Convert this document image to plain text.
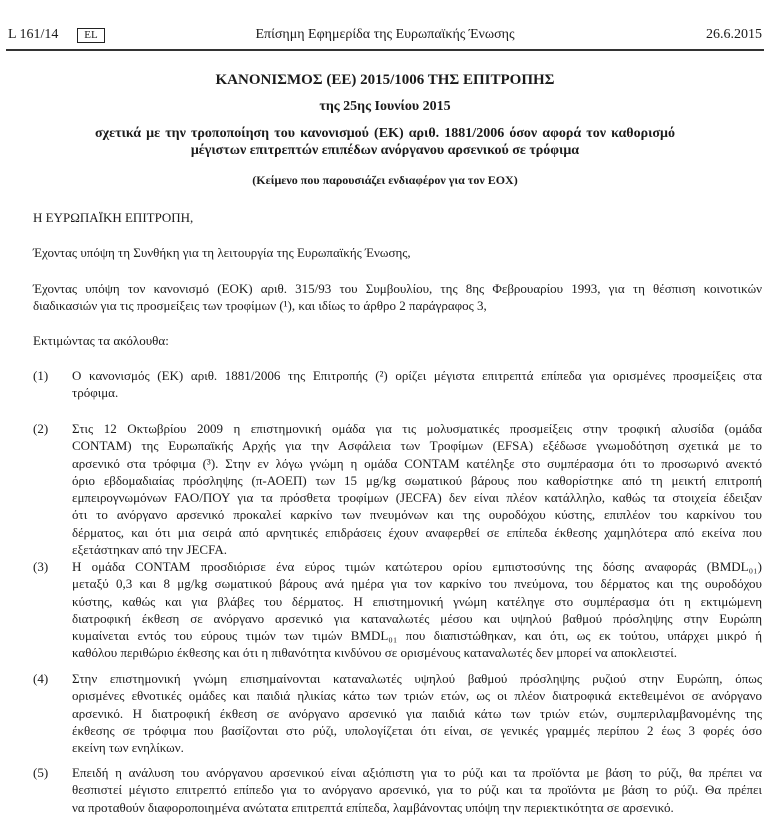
L 161/14	EL	Επίσημη Εφημερίδα της Ευρωπαϊκής Ένωσης	26.6.2015
ΚΑΝΟΝΙΣΜΟΣ (ΕΕ) 2015/1006 ΤΗΣ ΕΠΙΤΡΟΠΗΣ
της 25ης Ιουνίου 2015
σχετικά με την τροποποίηση του κανονισμού (ΕΚ) αριθ. 1881/2006 όσον αφορά τον καθορισμό
μέγιστων επιτρεπτών επιπέδων ανόργανου αρσενικού σε τρόφιμα
(Κείμενο που παρουσιάζει ενδιαφέρον για τον ΕΟΧ)
Η ΕΥΡΩΠΑΪΚΗ ΕΠΙΤΡΟΠΗ,
Έχοντας υπόψη τη Συνθήκη για τη λειτουργία της Ευρωπαϊκής Ένωσης,
Έχοντας υπόψη τον κανονισμό (ΕΟΚ) αριθ. 315/93 του Συμβουλίου, της 8ης Φεβρουαρίου 1993, για τη θέσπιση κοινοτικών
διαδικασιών για τις προσμείξεις των τροφίμων (¹), και ιδίως το άρθρο 2 παράγραφος 3,
Εκτιμώντας τα ακόλουθα:
(1) Ο κανονισμός (ΕΚ) αριθ. 1881/2006 της Επιτροπής (²) ορίζει μέγιστα επιτρεπτά επίπεδα για ορισμένες προσμείξεις στα
τρόφιμα.
(2) Στις 12 Οκτωβρίου 2009 η επιστημονική ομάδα για τις μολυσματικές προσμείξεις στην τροφική αλυσίδα (ομάδα
CONTAM) της Ευρωπαϊκής Αρχής για την Ασφάλεια των Τροφίμων (EFSA) εξέδωσε γνωμοδότηση σχετικά με το
αρσενικό στα τρόφιμα (³). Στην εν λόγω γνώμη η ομάδα CONTAM κατέληξε στο συμπέρασμα ότι το προσωρινό ανεκτό
όριο εβδομαδιαίας πρόσληψης (π-ΑΟΕΠ) των 15 μg/kg σωματικού βάρους που καθορίστηκε από τη μεικτή επιτροπή
εμπειρογνωμόνων FAO/ΠΟΥ για τα πρόσθετα τροφίμων (JECFA) δεν είναι πλέον κατάλληλο, καθώς τα στοιχεία έδειξαν
ότι το ανόργανο αρσενικό προκαλεί καρκίνο των πνευμόνων και της ουροδόχου κύστης, επιπλέον του καρκίνου του
δέρματος, και ότι μια σειρά από αρνητικές επιδράσεις έχουν αναφερθεί σε επίπεδα έκθεσης χαμηλότερα από εκείνα που
εξετάστηκαν από την JECFA.
(3) Η ομάδα CONTAM προσδιόρισε ένα εύρος τιμών κατώτερου ορίου εμπιστοσύνης της δόσης αναφοράς (BMDL₀₁)
μεταξύ 0,3 και 8 μg/kg σωματικού βάρους ανά ημέρα για τον καρκίνο του πνεύμονα, του δέρματος και της ουροδόχου
κύστης, καθώς και για βλάβες του δέρματος. Η επιστημονική γνώμη κατέληγε στο συμπέρασμα ότι η εκτιμώμενη
διατροφική έκθεση σε ανόργανο αρσενικό για καταναλωτές μέσου και υψηλού βαθμού πρόσληψης στην Ευρώπη
κυμαίνεται εντός του εύρους τιμών των τιμών BMDL₀₁ που διαπιστώθηκαν, και ότι, ως εκ τούτου, υπάρχει μικρό ή
καθόλου περιθώριο έκθεσης και ότι η πιθανότητα κινδύνου σε ορισμένους καταναλωτές δεν μπορεί να αποκλειστεί.
(4) Στην επιστημονική γνώμη επισημαίνονται καταναλωτές υψηλού βαθμού πρόσληψης ρυζιού στην Ευρώπη, όπως
ορισμένες εθνοτικές ομάδες και παιδιά ηλικίας κάτω των τριών ετών, ως οι πλέον διατροφικά εκτεθειμένοι σε ανόργανο
αρσενικό. Η διατροφική έκθεση σε ανόργανο αρσενικό για παιδιά κάτω των τριών ετών, συμπεριλαμβανομένης της
έκθεσης σε τρόφιμα που βασίζονται στο ρύζι, υπολογίζεται ότι είναι, σε γενικές γραμμές περίπου 2 έως 3 φορές όσο
εκείνη των ενηλίκων.
(5) Επειδή η ανάλυση του ανόργανου αρσενικού είναι αξιόπιστη για το ρύζι και τα προϊόντα με βάση το ρύζι, θα πρέπει να
θεσπιστεί μέγιστο επιτρεπτό επίπεδο για το ανόργανο αρσενικό, για το ρύζι και τα προϊόντα με βάση το ρύζι. Θα πρέπει
να προταθούν διαφοροποιημένα ανώτατα επιτρεπτά επίπεδα, λαμβάνοντας υπόψη την περιεκτικότητα σε αρσενικό.
